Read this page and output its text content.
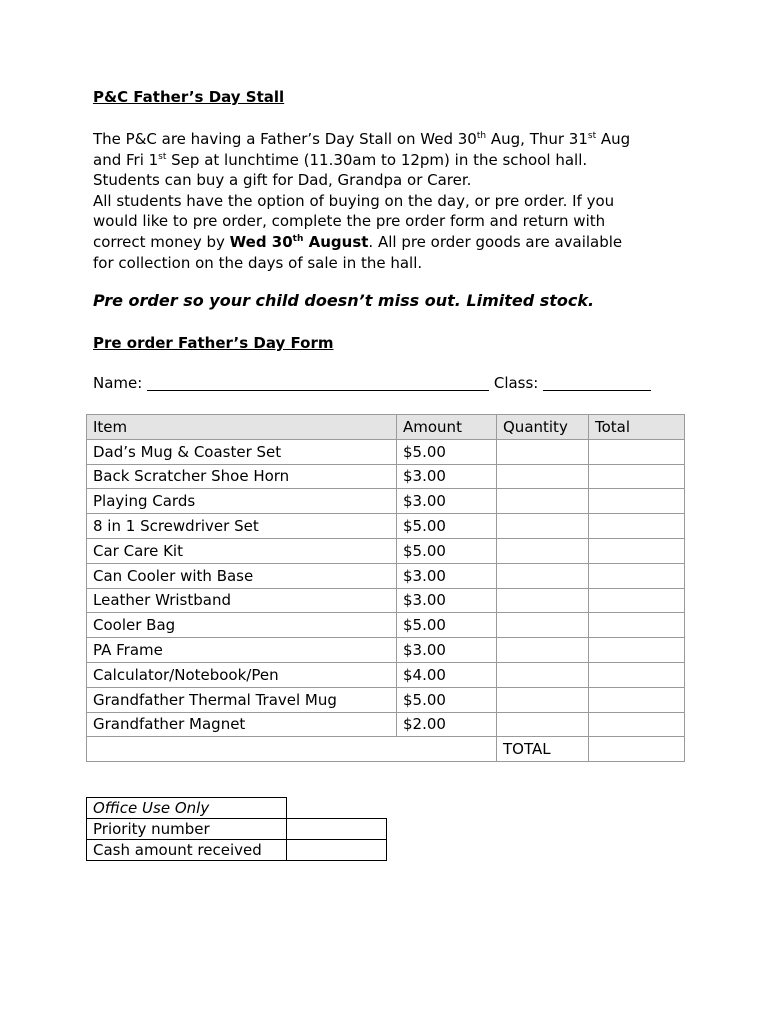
P&C Father’s Day Stall

The P&C are having a Father’s Day Stall on Wed 30th Aug, Thur 31st Aug

and Fri 1st Sep at lunchtime (11.30am to 12pm) in the school hall.

Students can buy a gift for Dad, Grandpa or Carer.

All students have the option of buying on the day, or pre order. If you

would like to pre order, complete the pre order form and return with

correct money by Wed 30th August. All pre order goods are available

for collection on the days of sale in the hall.

Pre order so your child doesn’t miss out. Limited stock.
Pre order Father’s Day Form
Name:	Class:
Item	Amount	Quantity	Total
Dad’s Mug & Coaster Set	$5.00		
Back Scratcher Shoe Horn	$3.00		
Playing Cards	$3.00		
8 in 1 Screwdriver Set	$5.00		
Car Care Kit	$5.00		
Can Cooler with Base	$3.00		
Leather Wristband	$3.00		
Cooler Bag	$5.00		
PA Frame	$3.00		
Calculator/Notebook/Pen	$4.00		
Grandfather Thermal Travel Mug	$5.00		
Grandfather Magnet	$2.00		
		TOTAL	
Office Use Only	
Priority number	
Cash amount received	
